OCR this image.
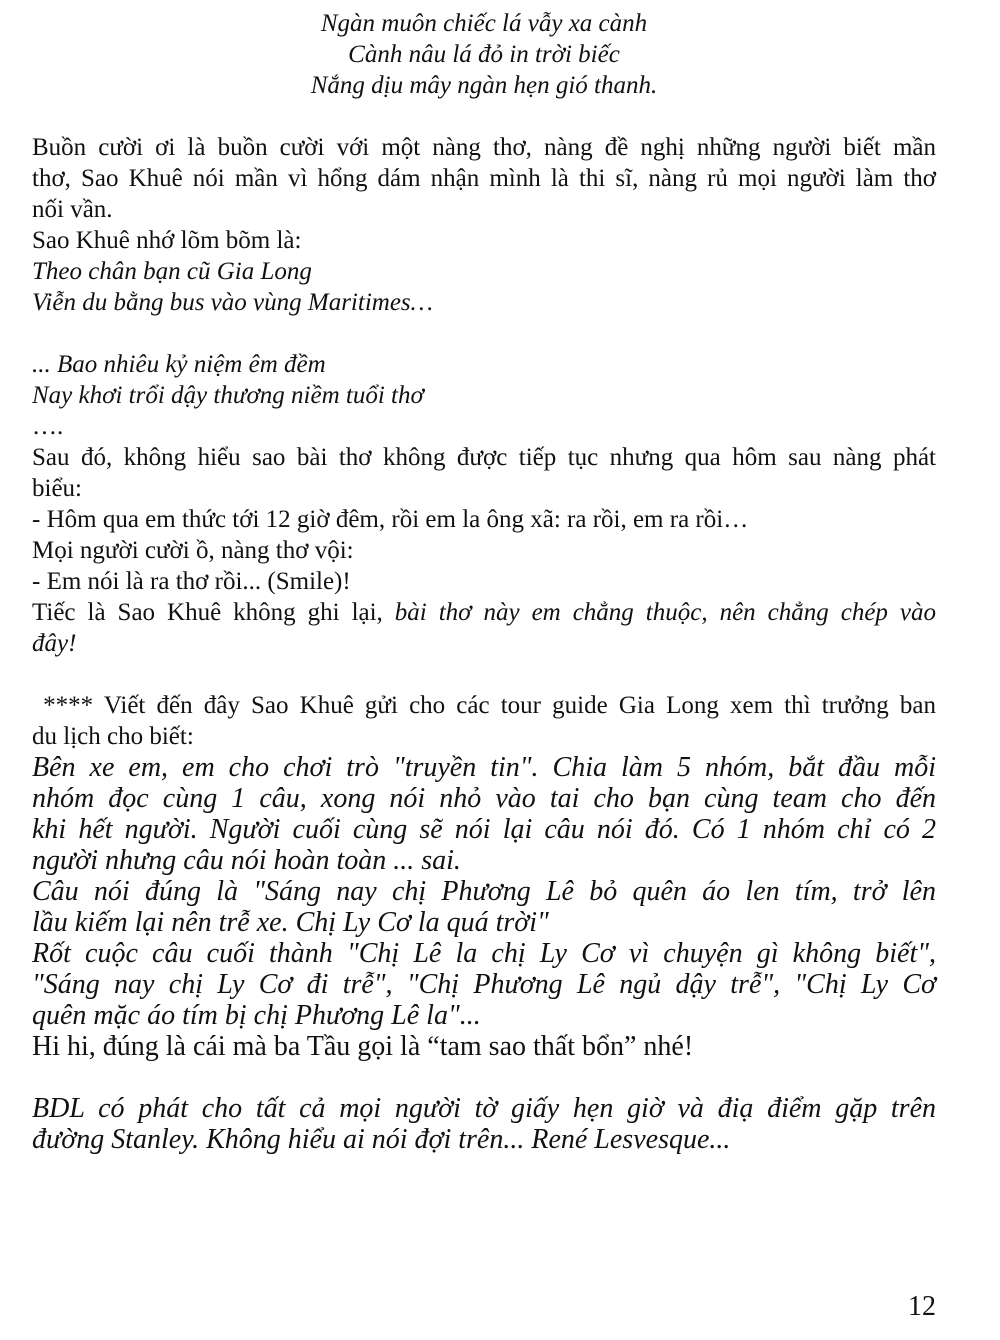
Ngàn muôn chiếc lá vẫy xa cành
Cành nâu lá đỏ in trời biếc
Nắng dịu mây ngàn hẹn gió thanh.
Buồn cười ơi là buồn cười với một nàng thơ, nàng đề nghị những người biết mần
thơ, Sao Khuê nói mần vì hổng dám nhận mình là thi sĩ, nàng rủ mọi người làm thơ
nối vần.
Sao Khuê nhớ lõm bõm là:
Theo chân bạn cũ Gia Long
Viễn du bằng bus vào vùng Maritimes…
... Bao nhiêu kỷ niệm êm đềm
Nay khơi trổi dậy thương niềm tuổi thơ
….
Sau đó, không hiểu sao bài thơ không được tiếp tục nhưng qua hôm sau nàng phát
biểu:
- Hôm qua em thức tới 12 giờ đêm, rồi em la ông xã: ra rồi, em ra rồi…
Mọi người cười ồ, nàng thơ vội:
- Em nói là ra thơ rồi... (Smile)!
Tiếc là Sao Khuê không ghi lại, bài thơ này em chẳng thuộc, nên chẳng chép vào
đây!
**** Viết đến đây Sao Khuê gửi cho các tour guide Gia Long xem thì trưởng ban
du lịch cho biết:
Bên xe em, em cho chơi trò "truyền tin". Chia làm 5 nhóm, bắt đầu mỗi
nhóm đọc cùng 1 câu, xong nói nhỏ vào tai cho bạn cùng team cho đến
khi hết người. Người cuối cùng sẽ nói lại câu nói đó. Có 1 nhóm chỉ có 2
người nhưng câu nói hoàn toàn ... sai.
Câu nói đúng là "Sáng nay chị Phương Lê bỏ quên áo len tím, trở lên
lầu kiếm lại nên trễ xe. Chị Ly Cơ la quá trời"
Rốt cuộc câu cuối thành "Chị Lê la chị Ly Cơ vì chuyện gì không biết",
"Sáng nay chị Ly Cơ đi trễ", "Chị Phương Lê ngủ dậy trễ", "Chị Ly Cơ
quên mặc áo tím bị chị Phương Lê la"...
Hi hi, đúng là cái mà ba Tầu gọi là “tam sao thất bổn” nhé!
BDL có phát cho tất cả mọi người tờ giấy hẹn giờ và điạ điểm gặp trên
đường Stanley. Không hiểu ai nói đợi trên... René Lesvesque...
12
